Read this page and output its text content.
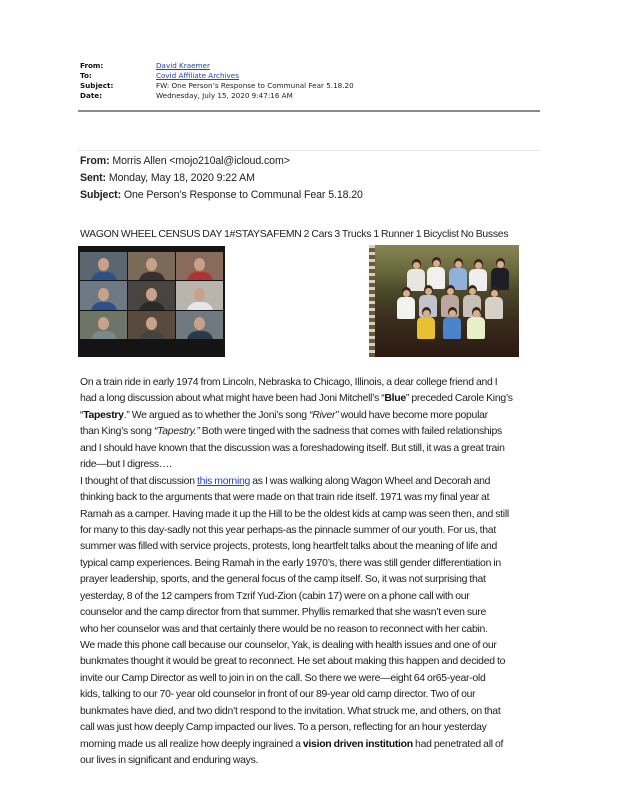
From:	David Kraemer
To:	Covid Affiliate Archives
Subject:	FW: One Person’s Response to Communal Fear 5.18.20
Date:	Wednesday, July 15, 2020 9:47:16 AM
From: Morris Allen <mojo210al@icloud.com>
Sent: Monday, May 18, 2020 9:22 AM
Subject: One Person’s Response to Communal Fear 5.18.20
WAGON WHEEL CENSUS DAY 1#STAYSAFEMN 2 Cars 3 Trucks 1 Runner 1 Bicyclist No Busses
On a train ride in early 1974 from Lincoln, Nebraska to Chicago, Illinois, a dear college friend and I
had a long discussion about what might have been had Joni Mitchell’s “Blue” preceded Carole King’s
“Tapestry.” We argued as to whether the Joni’s song “River” would have become more popular
than King’s song “Tapestry.” Both were tinged with the sadness that comes with failed relationships
and I should have known that the discussion was a foreshadowing itself. But still, it was a great train
ride—but I digress….
I thought of that discussion this morning as I was walking along Wagon Wheel and Decorah and
thinking back to the arguments that were made on that train ride itself. 1971 was my final year at
Ramah as a camper. Having made it up the Hill to be the oldest kids at camp was seen then, and still
for many to this day-sadly not this year perhaps-as the pinnacle summer of our youth. For us, that
summer was filled with service projects, protests, long heartfelt talks about the meaning of life and
typical camp experiences. Being Ramah in the early 1970’s, there was still gender differentiation in
prayer leadership, sports, and the general focus of the camp itself. So, it was not surprising that
yesterday, 8 of the 12 campers from Tzrif Yud-Zion (cabin 17) were on a phone call with our
counselor and the camp director from that summer. Phyllis remarked that she wasn’t even sure
who her counselor was and that certainly there would be no reason to reconnect with her cabin.
We made this phone call because our counselor, Yak, is dealing with health issues and one of our
bunkmates thought it would be great to reconnect. He set about making this happen and decided to
invite our Camp Director as well to join in on the call. So there we were—eight 64 or65-year-old
kids, talking to our 70- year old counselor in front of our 89-year old camp director. Two of our
bunkmates have died, and two didn’t respond to the invitation. What struck me, and others, on that
call was just how deeply Camp impacted our lives. To a person, reflecting for an hour yesterday
morning made us all realize how deeply ingrained a vision driven institution had penetrated all of
our lives in significant and enduring ways.
